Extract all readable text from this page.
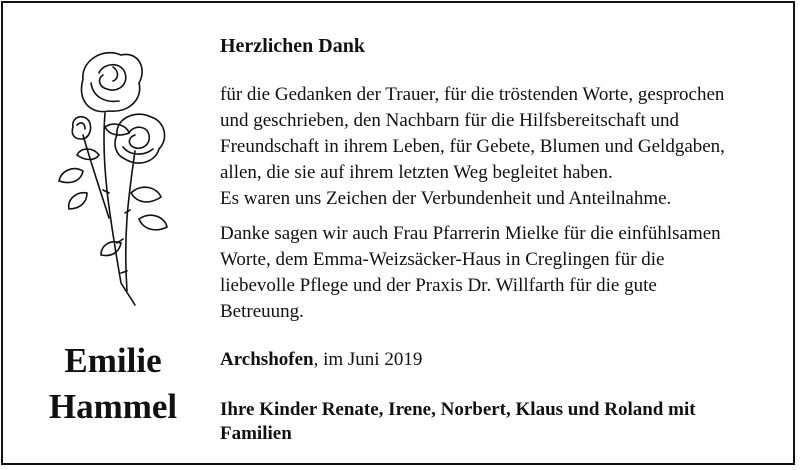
Emilie
Hammel
Herzlichen Dank
für die Gedanken der Trauer, für die tröstenden Worte, gesprochen
und geschrieben, den Nachbarn für die Hilfsbereitschaft und
Freundschaft in ihrem Leben, für Gebete, Blumen und Geldgaben,
allen, die sie auf ihrem letzten Weg begleitet haben.
Es waren uns Zeichen der Verbundenheit und Anteilnahme.
Danke sagen wir auch Frau Pfarrerin Mielke für die einfühlsamen
Worte, dem Emma-Weizsäcker-Haus in Creglingen für die
liebevolle Pflege und der Praxis Dr. Willfarth für die gute
Betreuung.
Archshofen, im Juni 2019
Ihre Kinder Renate, Irene, Norbert, Klaus und Roland mit
Familien
